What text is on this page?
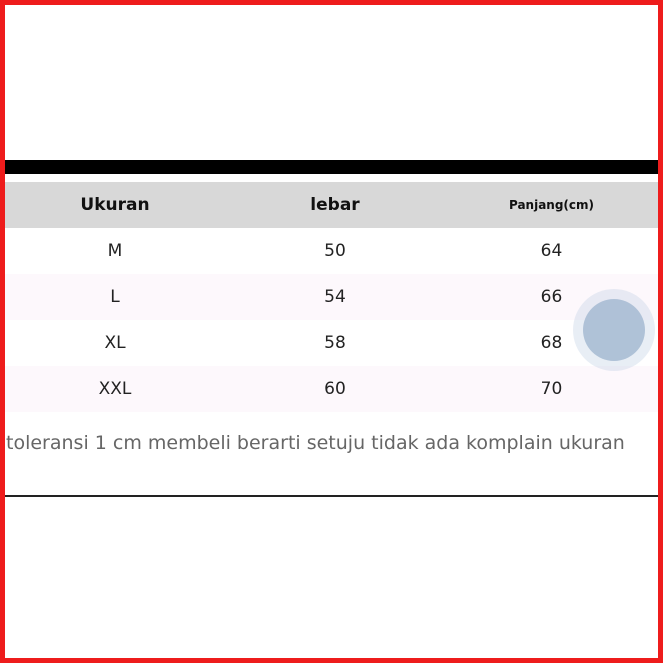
Ukuran	lebar	Panjang(cm)
M	50	64
L	54	66
XL	58	68
XXL	60	70
toleransi 1 cm membeli berarti setuju tidak ada komplain ukuran
